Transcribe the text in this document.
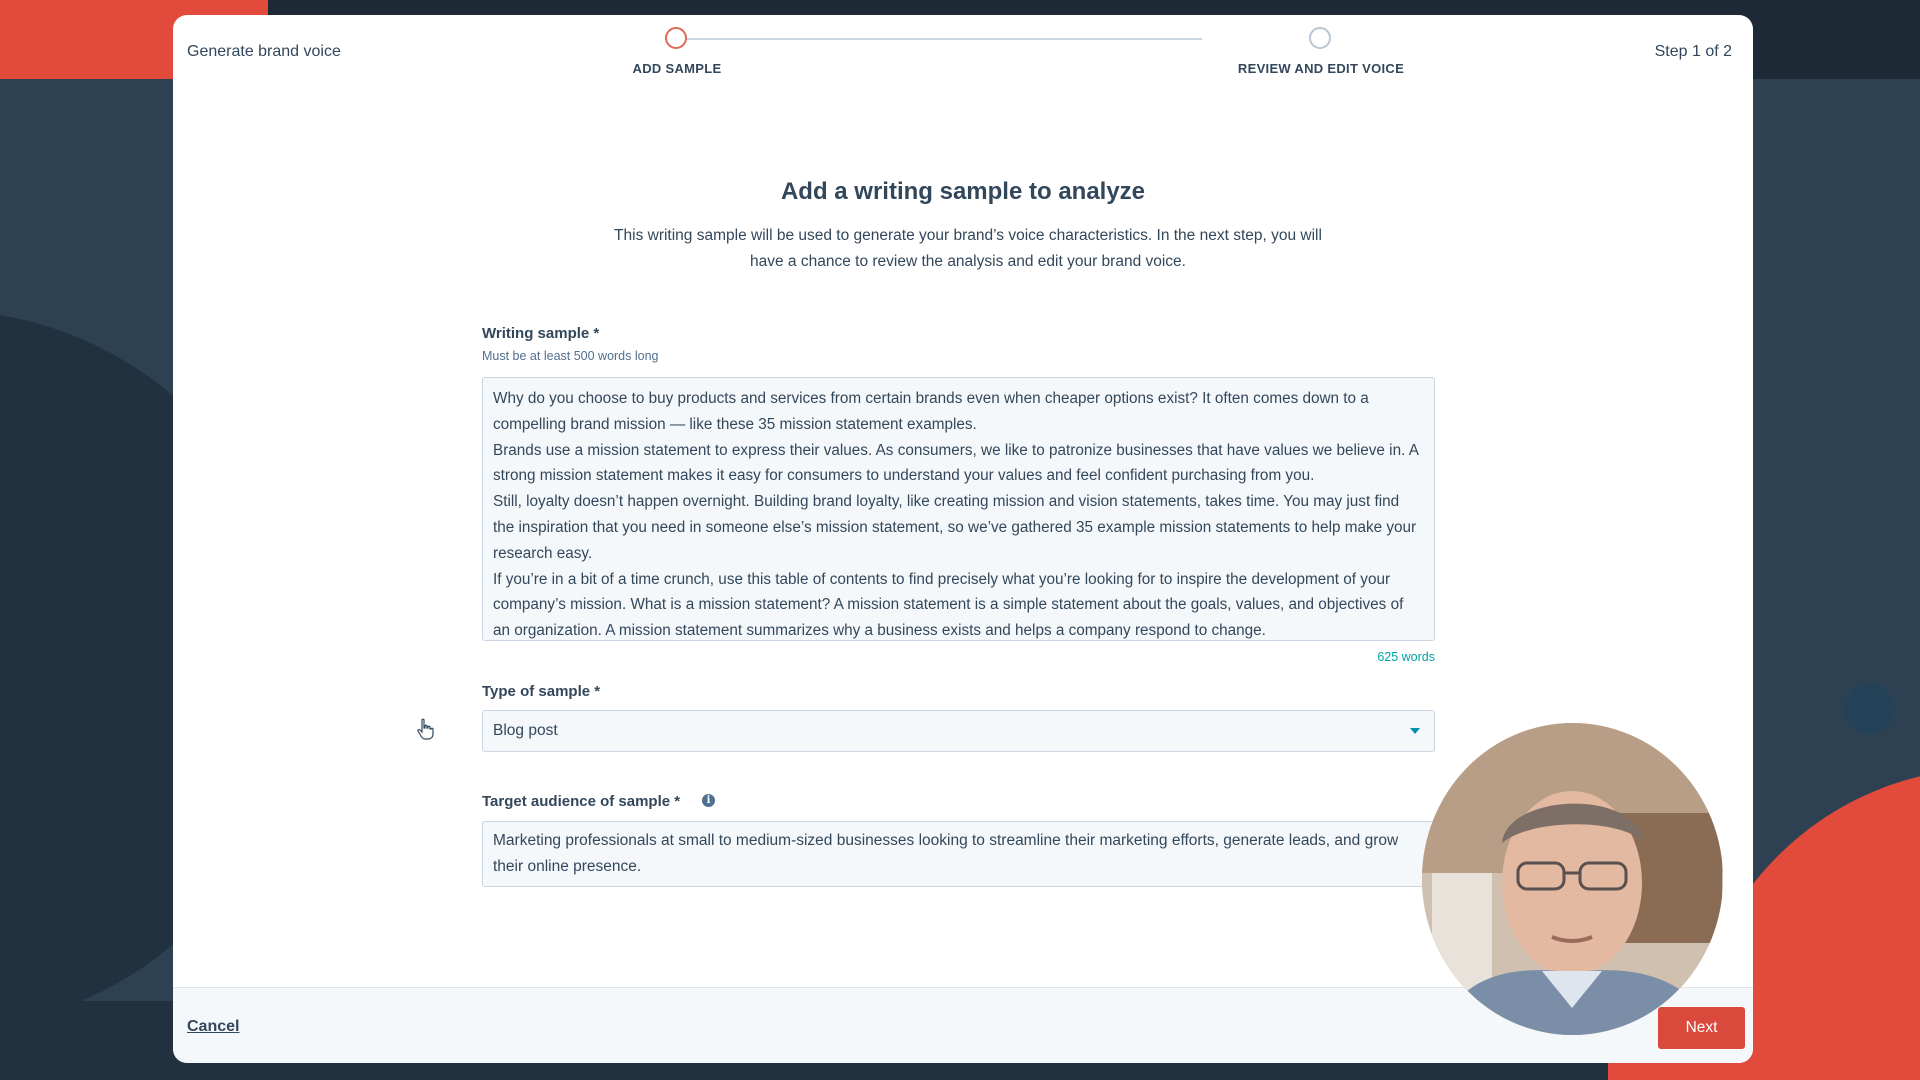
Generate brand voice
ADD SAMPLE	REVIEW AND EDIT VOICE
Step 1 of 2
Add a writing sample to analyze
This writing sample will be used to generate your brand’s voice characteristics. In the next step, you will
have a chance to review the analysis and edit your brand voice.
Writing sample *
Must be at least 500 words long

Why do you choose to buy products and services from certain brands even when cheaper options exist? It often comes down to a compelling brand mission — like these 35 mission statement examples.

Brands use a mission statement to express their values. As consumers, we like to patronize businesses that have values we believe in. A strong mission statement makes it easy for consumers to understand your values and feel confident purchasing from you.

Still, loyalty doesn’t happen overnight. Building brand loyalty, like creating mission and vision statements, takes time. You may just find the inspiration that you need in someone else’s mission statement, so we’ve gathered 35 example mission statements to help make your research easy.

If you’re in a bit of a time crunch, use this table of contents to find precisely what you’re looking for to inspire the development of your company’s mission. What is a mission statement? A mission statement is a simple statement about the goals, values, and objectives of an organization. A mission statement summarizes why a business exists and helps a company respond to change.

625 words
Type of sample *
Blog post
Target audience of sample *	i
Marketing professionals at small to medium-sized businesses looking to streamline their marketing efforts, generate leads, and grow their online presence.
Cancel	Next
